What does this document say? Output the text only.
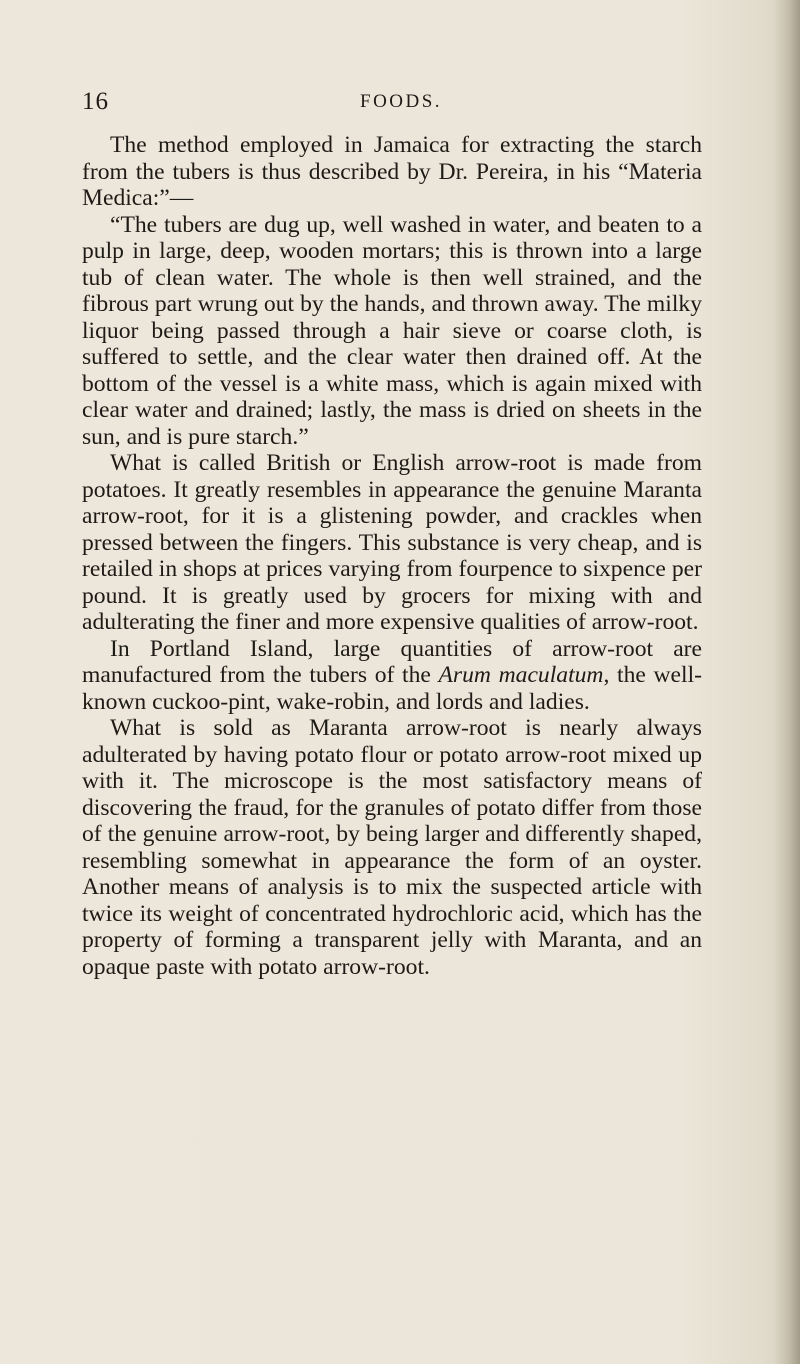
16	FOODS.

The method employed in Jamaica for extracting the starch from the tubers is thus described by Dr. Pereira, in his “Materia Medica:”—

“The tubers are dug up, well washed in water, and beaten to a pulp in large, deep, wooden mortars; this is thrown into a large tub of clean water. The whole is then well strained, and the fibrous part wrung out by the hands, and thrown away. The milky liquor being passed through a hair sieve or coarse cloth, is suffered to settle, and the clear water then drained off. At the bottom of the vessel is a white mass, which is again mixed with clear water and drained; lastly, the mass is dried on sheets in the sun, and is pure starch.”

What is called British or English arrow-root is made from potatoes. It greatly resembles in appearance the genuine Maranta arrow-root, for it is a glistening powder, and crackles when pressed between the fingers. This substance is very cheap, and is retailed in shops at prices varying from fourpence to sixpence per pound. It is greatly used by grocers for mixing with and adulterating the finer and more expensive qualities of arrow-root.

In Portland Island, large quantities of arrow-root are manufactured from the tubers of the Arum maculatum, the well-known cuckoo-pint, wake-robin, and lords and ladies.

What is sold as Maranta arrow-root is nearly always adulterated by having potato flour or potato arrow-root mixed up with it. The microscope is the most satisfactory means of discovering the fraud, for the granules of potato differ from those of the genuine arrow-root, by being larger and differently shaped, resembling somewhat in appearance the form of an oyster. Another means of analysis is to mix the suspected article with twice its weight of concentrated hydrochloric acid, which has the property of forming a transparent jelly with Maranta, and an opaque paste with potato arrow-root.
